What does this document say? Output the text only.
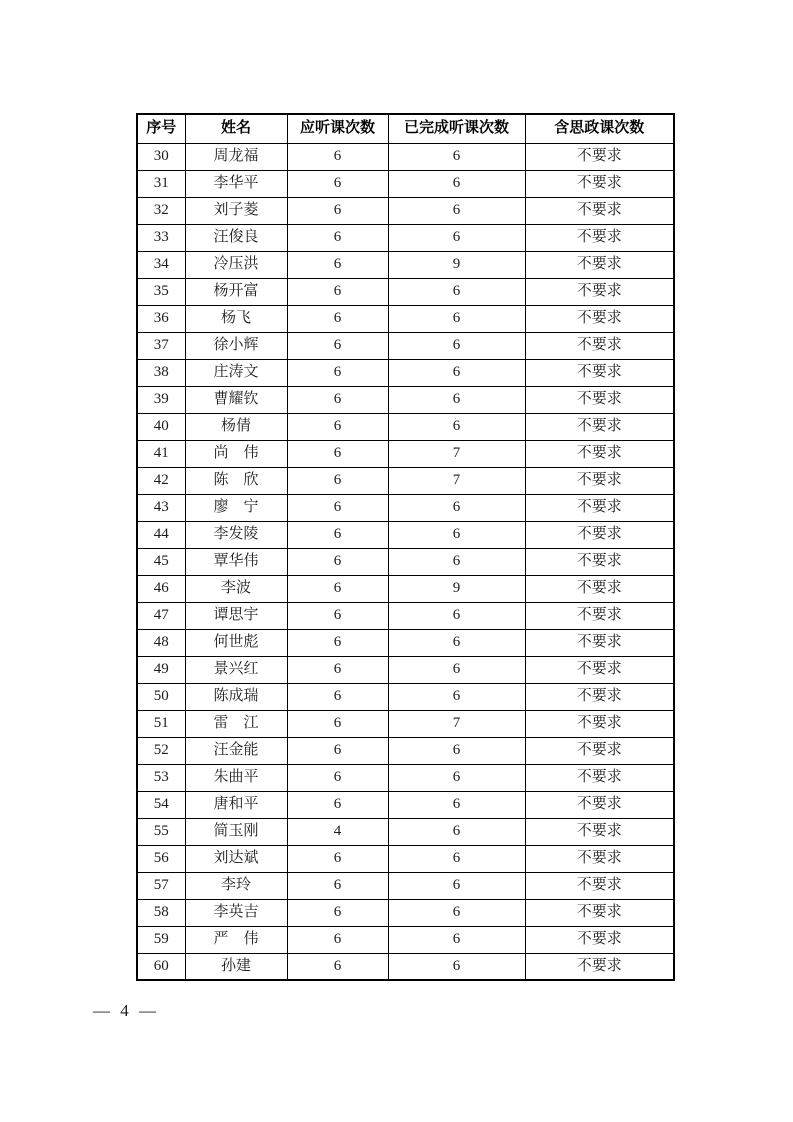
序号	姓名	应听课次数	已完成听课次数	含思政课次数
30	周龙福	6	6	不要求
31	李华平	6	6	不要求
32	刘子菱	6	6	不要求
33	汪俊良	6	6	不要求
34	冷压洪	6	9	不要求
35	杨开富	6	6	不要求
36	杨飞	6	6	不要求
37	徐小辉	6	6	不要求
38	庄涛文	6	6	不要求
39	曹耀钦	6	6	不要求
40	杨倩	6	6	不要求
41	尚　伟	6	7	不要求
42	陈　欣	6	7	不要求
43	廖　宁	6	6	不要求
44	李发陵	6	6	不要求
45	覃华伟	6	6	不要求
46	李波	6	9	不要求
47	谭思宇	6	6	不要求
48	何世彪	6	6	不要求
49	景兴红	6	6	不要求
50	陈成瑞	6	6	不要求
51	雷　江	6	7	不要求
52	汪金能	6	6	不要求
53	朱曲平	6	6	不要求
54	唐和平	6	6	不要求
55	简玉刚	4	6	不要求
56	刘达斌	6	6	不要求
57	李玲	6	6	不要求
58	李英吉	6	6	不要求
59	严　伟	6	6	不要求
60	孙建	6	6	不要求
— 4 —
